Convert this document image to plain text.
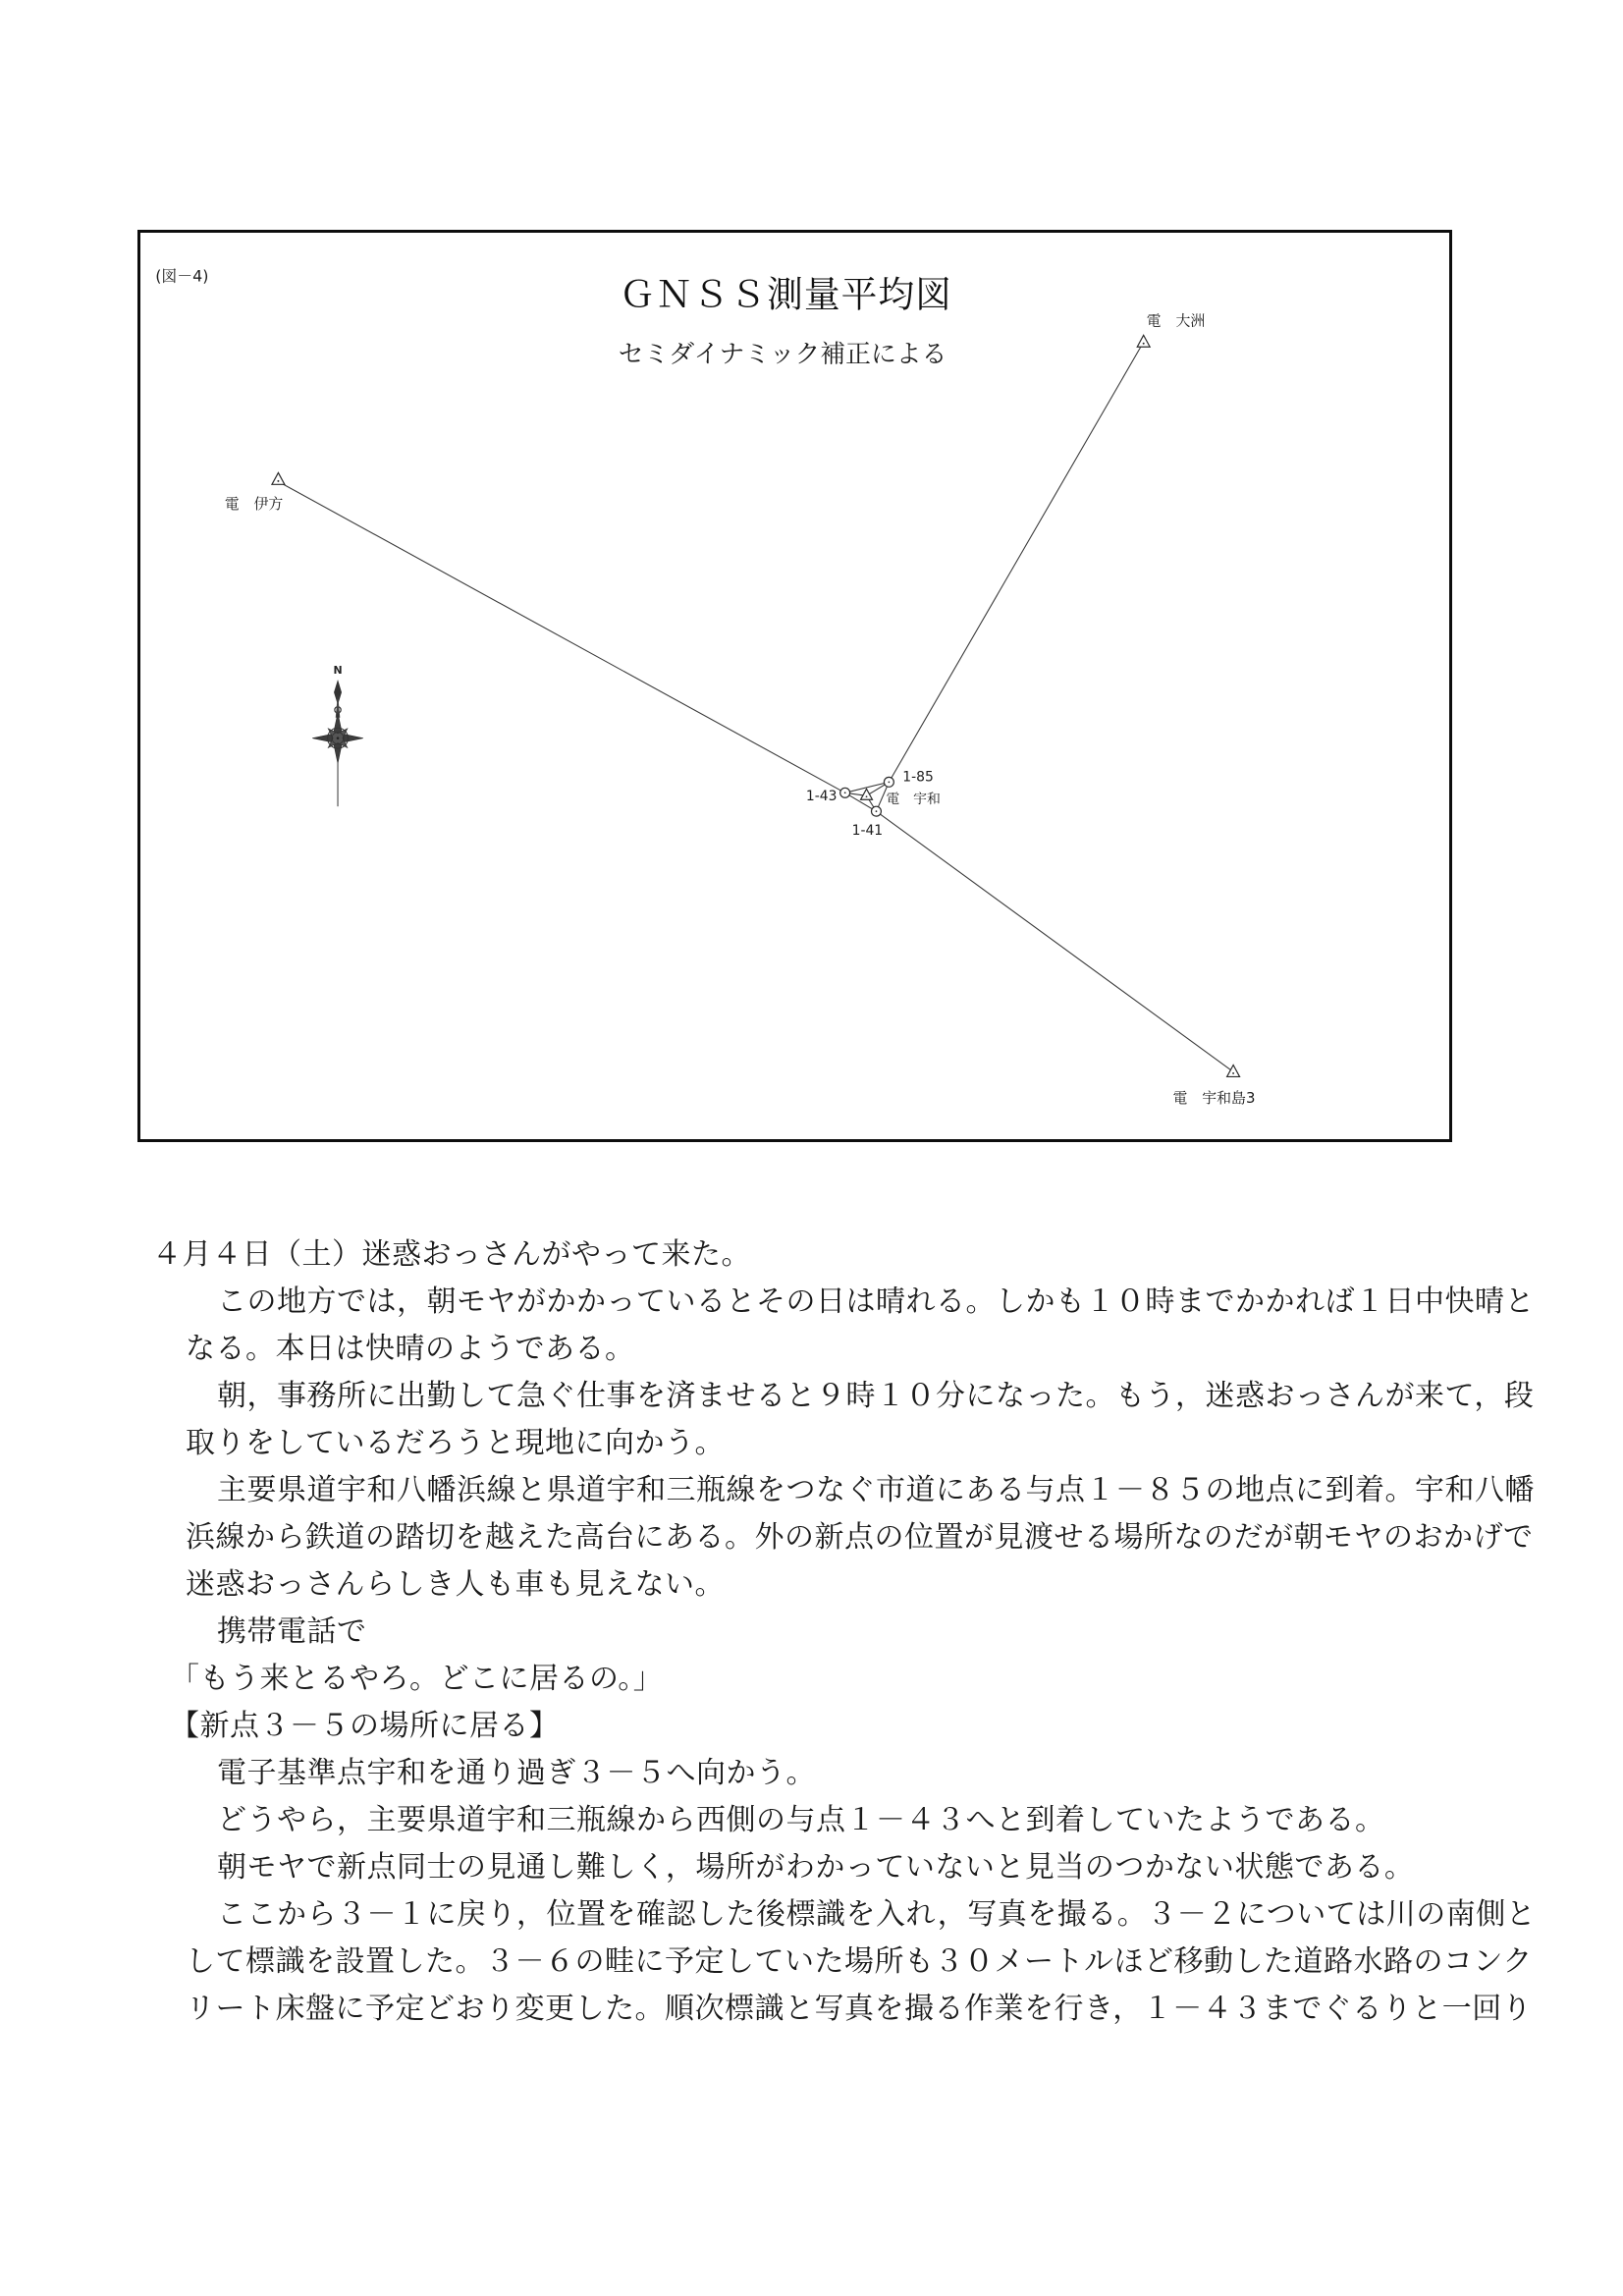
(図－4)	ＧＮＳＳ測量平均図
セミダイナミック補正による
電　大洲
電　伊方
電　宇和島3
電　宇和
1-85
1-43
1-41
N
４月４日（土）迷惑おっさんがやって来た。
この地方では，朝モヤがかかっているとその日は晴れる。しかも１０時までかかれば１日中快晴と
なる。本日は快晴のようである。
朝，事務所に出勤して急ぐ仕事を済ませると９時１０分になった。もう，迷惑おっさんが来て，段
取りをしているだろうと現地に向かう。
主要県道宇和八幡浜線と県道宇和三瓶線をつなぐ市道にある与点１－８５の地点に到着。宇和八幡
浜線から鉄道の踏切を越えた高台にある。外の新点の位置が見渡せる場所なのだが朝モヤのおかげで
迷惑おっさんらしき人も車も見えない。
携帯電話で
「もう来とるやろ。どこに居るの。」
【新点３－５の場所に居る】
電子基準点宇和を通り過ぎ３－５へ向かう。
どうやら，主要県道宇和三瓶線から西側の与点１－４３へと到着していたようである。
朝モヤで新点同士の見通し難しく，場所がわかっていないと見当のつかない状態である。
ここから３－１に戻り，位置を確認した後標識を入れ，写真を撮る。３－２については川の南側と
して標識を設置した。３－６の畦に予定していた場所も３０メートルほど移動した道路水路のコンク
リート床盤に予定どおり変更した。順次標識と写真を撮る作業を行き，１－４３までぐるりと一回り
